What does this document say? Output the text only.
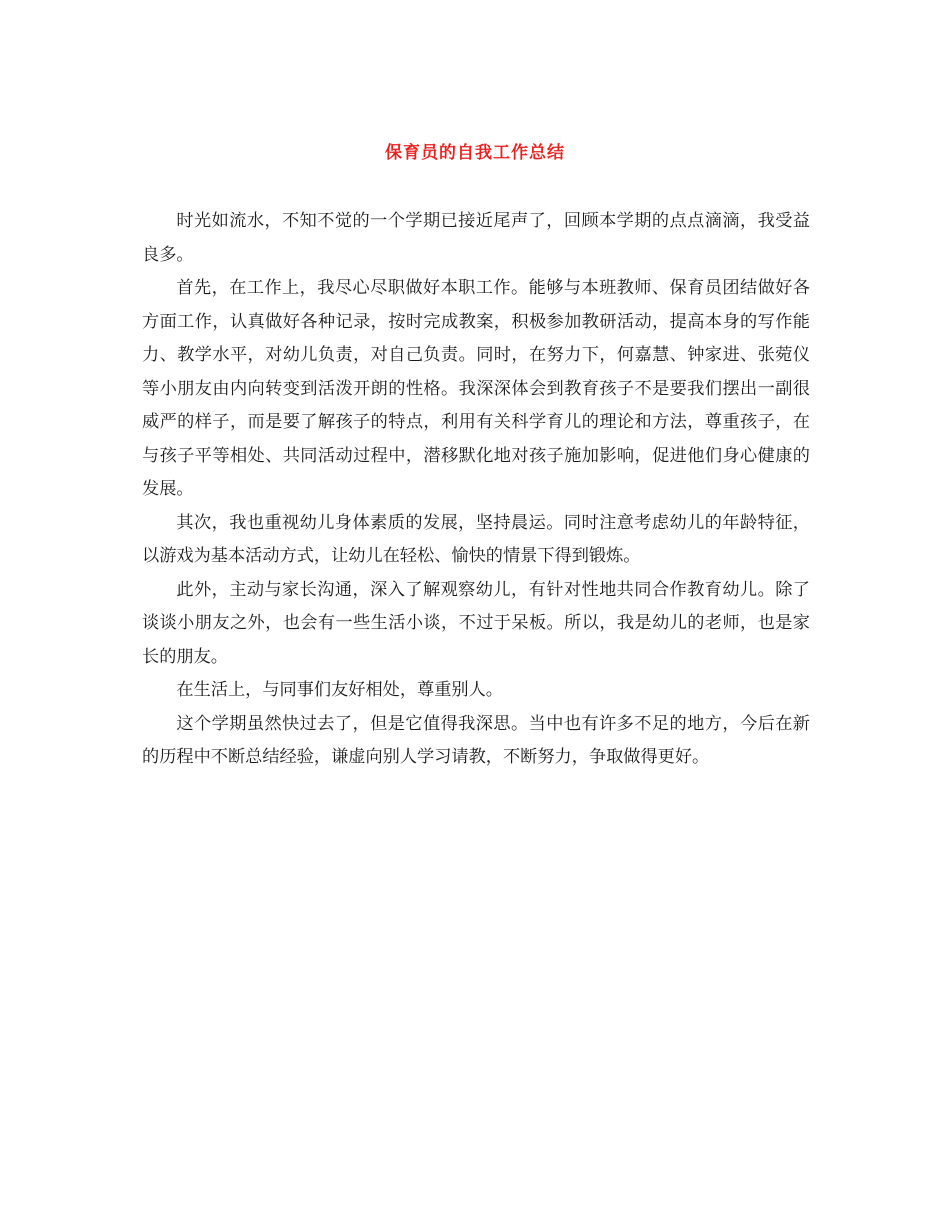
保育员的自我工作总结

时光如流水，不知不觉的一个学期已接近尾声了，回顾本学期的点点滴滴，我受益良多。

首先，在工作上，我尽心尽职做好本职工作。能够与本班教师、保育员团结做好各方面工作，认真做好各种记录，按时完成教案，积极参加教研活动，提高本身的写作能力、教学水平，对幼儿负责，对自己负责。同时，在努力下，何嘉慧、钟家进、张菀仪等小朋友由内向转变到活泼开朗的性格。我深深体会到教育孩子不是要我们摆出一副很威严的样子，而是要了解孩子的特点，利用有关科学育儿的理论和方法，尊重孩子，在与孩子平等相处、共同活动过程中，潜移默化地对孩子施加影响，促进他们身心健康的发展。

其次，我也重视幼儿身体素质的发展，坚持晨运。同时注意考虑幼儿的年龄特征，以游戏为基本活动方式，让幼儿在轻松、愉快的情景下得到锻炼。

此外，主动与家长沟通，深入了解观察幼儿，有针对性地共同合作教育幼儿。除了谈谈小朋友之外，也会有一些生活小谈，不过于呆板。所以，我是幼儿的老师，也是家长的朋友。

在生活上，与同事们友好相处，尊重别人。

这个学期虽然快过去了，但是它值得我深思。当中也有许多不足的地方，今后在新的历程中不断总结经验，谦虚向别人学习请教，不断努力，争取做得更好。
